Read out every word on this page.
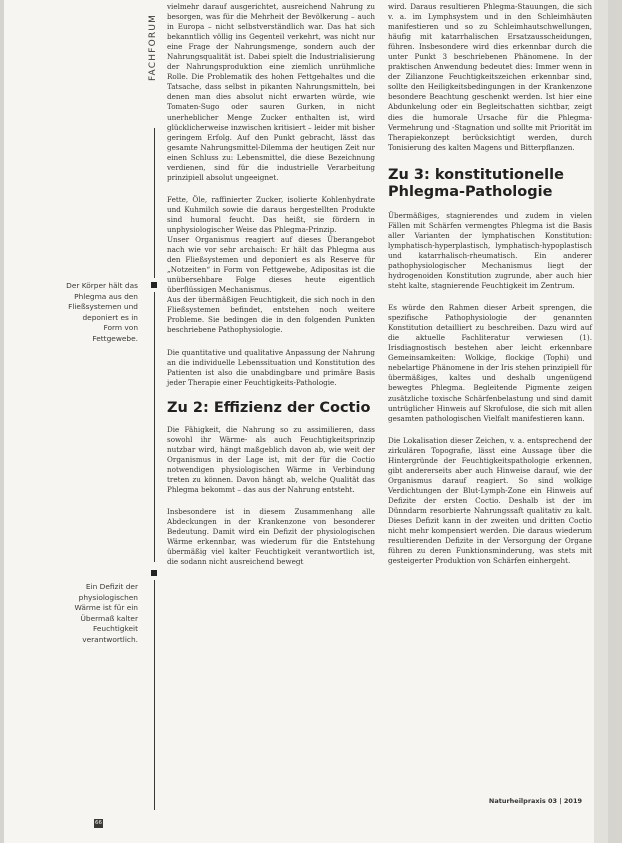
FACHFORUM
Der Körper hält das Phlegma aus den Fließsystemen und deponiert es in Form von Fettgewebe.
Ein Defizit der physiologischen Wärme ist für ein Übermaß kalter Feuchtigkeit verantwortlich.

vielmehr darauf ausgerichtet, ausreichend Nahrung zu besorgen, was für die Mehrheit der Bevölkerung – auch in Europa – nicht selbstverständlich war. Das hat sich bekanntlich völlig ins Gegenteil verkehrt, was nicht nur eine Frage der Nahrungsmenge, sondern auch der Nahrungsqualität ist. Dabei spielt die Industrialisierung der Nahrungsproduktion eine ziemlich unrühmliche Rolle. Die Problematik des hohen Fettgehaltes und die Tatsache, dass selbst in pikanten Nahrungsmitteln, bei denen man dies absolut nicht erwarten würde, wie Tomaten-Sugo oder sauren Gurken, in nicht unerheblicher Menge Zucker enthalten ist, wird glücklicherweise inzwischen kritisiert – leider mit bisher geringem Erfolg. Auf den Punkt gebracht, lässt das gesamte Nahrungsmittel-Dilemma der heutigen Zeit nur einen Schluss zu: Lebensmittel, die diese Bezeichnung verdienen, sind für die industrielle Verarbeitung prinzipiell absolut ungeeignet.

Fette, Öle, raffinierter Zucker, isolierte Kohlenhydrate und Kuhmilch sowie die daraus hergestellten Produkte sind humoral feucht. Das heißt, sie fördern in unphysiologischer Weise das Phlegma-Prinzip.

Unser Organismus reagiert auf dieses Überangebot nach wie vor sehr archaisch: Er hält das Phlegma aus den Fließsystemen und deponiert es als Reserve für „Notzeiten“ in Form von Fettgewebe, Adipositas ist die unübersehbare Folge dieses heute eigentlich überflüssigen Mechanismus.

Aus der übermäßigen Feuchtigkeit, die sich noch in den Fließsystemen befindet, entstehen noch weitere Probleme. Sie bedingen die in den folgenden Punkten beschriebene Pathophysiologie.

Die quantitative und qualitative Anpassung der Nahrung an die individuelle Lebenssituation und Konstitution des Patienten ist also die unabdingbare und primäre Basis jeder Therapie einer Feuchtigkeits-Pathologie.

Zu 2: Effizienz der Coctio

Die Fähigkeit, die Nahrung so zu assimilieren, dass sowohl ihr Wärme- als auch Feuchtigkeitsprinzip nutzbar wird, hängt maßgeblich davon ab, wie weit der Organismus in der Lage ist, mit der für die Coctio notwendigen physiologischen Wärme in Verbindung treten zu können. Davon hängt ab, welche Qualität das Phlegma bekommt – das aus der Nahrung entsteht.

Insbesondere ist in diesem Zusammenhang alle Abdeckungen in der Krankenzone von besonderer Bedeutung. Damit wird ein Defizit der physiologischen Wärme erkennbar, was wiederum für die Entstehung übermäßig viel kalter Feuchtigkeit verantwortlich ist, die sodann nicht ausreichend bewegt

wird. Daraus resultieren Phlegma-Stauungen, die sich v. a. im Lymphsystem und in den Schleimhäuten manifestieren und so zu Schleimhautschwellungen, häufig mit katarrhalischen Ersatzausscheidungen, führen. Insbesondere wird dies erkennbar durch die unter Punkt 3 beschriebenen Phänomene. In der praktischen Anwendung bedeutet dies: Immer wenn in der Zilianzone Feuchtigkeitszeichen erkennbar sind, sollte den Heiligkeitsbedingungen in der Krankenzone besondere Beachtung geschenkt werden. Ist hier eine Abdunkelung oder ein Begleitschatten sichtbar, zeigt dies die humorale Ursache für die Phlegma-Vermehrung und -Stagnation und sollte mit Priorität im Therapiekonzept berücksichtigt werden, durch Tonisierung des kalten Magens und Bitterpflanzen.

Zu 3: konstitutionelle Phlegma-Pathologie

Übermäßiges, stagnierendes und zudem in vielen Fällen mit Schärfen vermengtes Phlegma ist die Basis aller Varianten der lymphatischen Konstitution: lymphatisch-hyperplastisch, lymphatisch-hypoplastisch und katarrhalisch-rheumatisch. Ein anderer pathophysiologischer Mechanismus liegt der hydrogenoiden Konstitution zugrunde, aber auch hier steht kalte, stagnierende Feuchtigkeit im Zentrum.

Es würde den Rahmen dieser Arbeit sprengen, die spezifische Pathophysiologie der genannten Konstitution detailliert zu beschreiben. Dazu wird auf die aktuelle Fachliteratur verwiesen (1). Irisdiagnostisch bestehen aber leicht erkennbare Gemeinsamkeiten: Wolkige, flockige (Tophi) und nebelartige Phänomene in der Iris stehen prinzipiell für übermäßiges, kaltes und deshalb ungenügend bewegtes Phlegma. Begleitende Pigmente zeigen zusätzliche toxische Schärfenbelastung und sind damit untrüglicher Hinweis auf Skrofulose, die sich mit allen gesamten pathologischen Vielfalt manifestieren kann.

Die Lokalisation dieser Zeichen, v. a. entsprechend der zirkulären Topografie, lässt eine Aussage über die Hintergründe der Feuchtigkeitspathologie erkennen, gibt andererseits aber auch Hinweise darauf, wie der Organismus darauf reagiert. So sind wolkige Verdichtungen der Blut-Lymph-Zone ein Hinweis auf Defizite der ersten Coctio. Deshalb ist der im Dünndarm resorbierte Nahrungssaft qualitativ zu kalt. Dieses Defizit kann in der zweiten und dritten Coctio nicht mehr kompensiert werden. Die daraus wiederum resultierenden Defizite in der Versorgung der Organe führen zu deren Funktionsminderung, was stets mit gesteigerter Produktion von Schärfen einhergeht.

Naturheilpraxis 03 | 2019
66
